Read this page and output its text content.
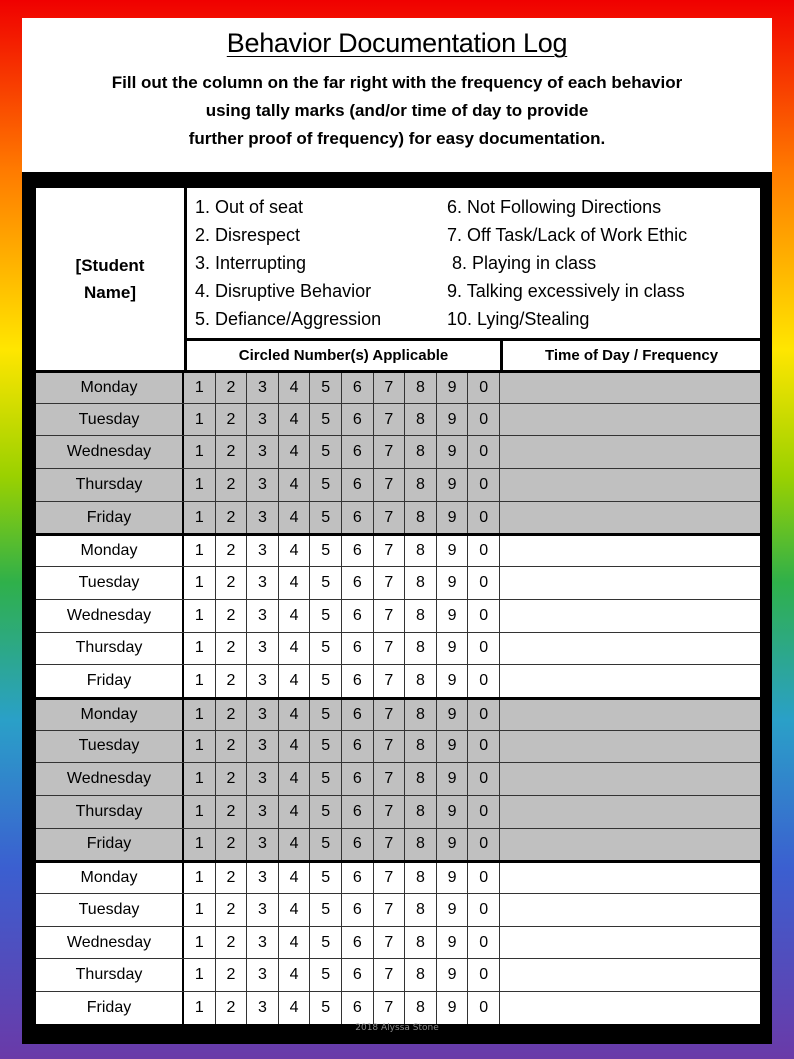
Behavior Documentation Log
Fill out the column on the far right with the frequency of each behavior
using tally marks (and/or time of day to provide
further proof of frequency) for easy documentation.
[Student
Name]
1. Out of seat
2. Disrespect
3. Interrupting
4. Disruptive Behavior
5. Defiance/Aggression
6. Not Following Directions
7. Off Task/Lack of Work Ethic
8. Playing in class
9. Talking excessively in class
10. Lying/Stealing
Circled Number(s) Applicable	Time of Day / Frequency
Monday	1	2	3	4	5	6	7	8	9	0
Tuesday	1	2	3	4	5	6	7	8	9	0
Wednesday	1	2	3	4	5	6	7	8	9	0
Thursday	1	2	3	4	5	6	7	8	9	0
Friday	1	2	3	4	5	6	7	8	9	0
Monday	1	2	3	4	5	6	7	8	9	0
Tuesday	1	2	3	4	5	6	7	8	9	0
Wednesday	1	2	3	4	5	6	7	8	9	0
Thursday	1	2	3	4	5	6	7	8	9	0
Friday	1	2	3	4	5	6	7	8	9	0
Monday	1	2	3	4	5	6	7	8	9	0
Tuesday	1	2	3	4	5	6	7	8	9	0
Wednesday	1	2	3	4	5	6	7	8	9	0
Thursday	1	2	3	4	5	6	7	8	9	0
Friday	1	2	3	4	5	6	7	8	9	0
Monday	1	2	3	4	5	6	7	8	9	0
Tuesday	1	2	3	4	5	6	7	8	9	0
Wednesday	1	2	3	4	5	6	7	8	9	0
Thursday	1	2	3	4	5	6	7	8	9	0
Friday	1	2	3	4	5	6	7	8	9	0
2018 Alyssa Stone
